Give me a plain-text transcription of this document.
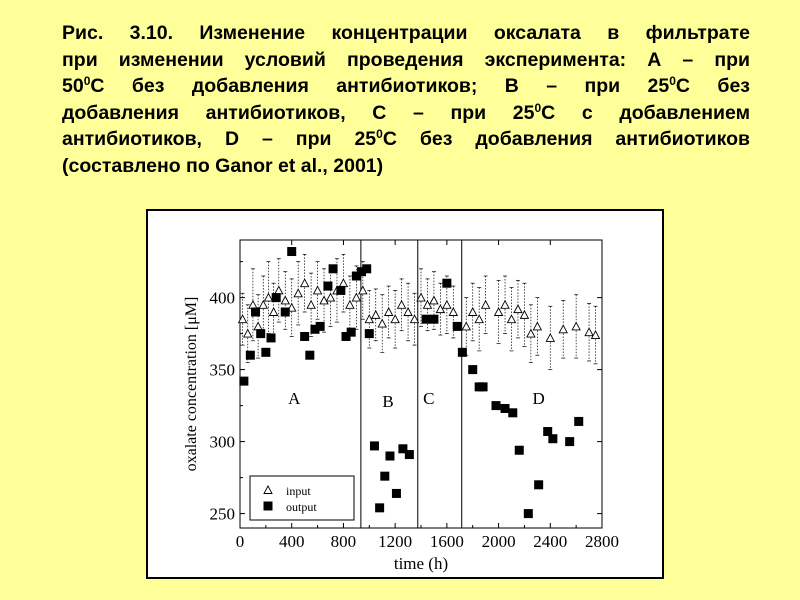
Рис. 3.10. Изменение концентрации оксалата в фильтрате
при изменении условий проведения эксперимента: А – при
$50^0С$ без добавления антибиотиков; В – при $25^0С$ без
добавления антибиотиков, С – при $25^0С$ с добавлением
антибиотиков, D – при $25^0С$ без добавления антибиотиков
(составлено по Ganor et al., 2001)
A	B C	D
0 400 800 1200 1600 2000 2400 2800
250
300
350
400
input
output
oxalate concentration [μM]
time (h)
